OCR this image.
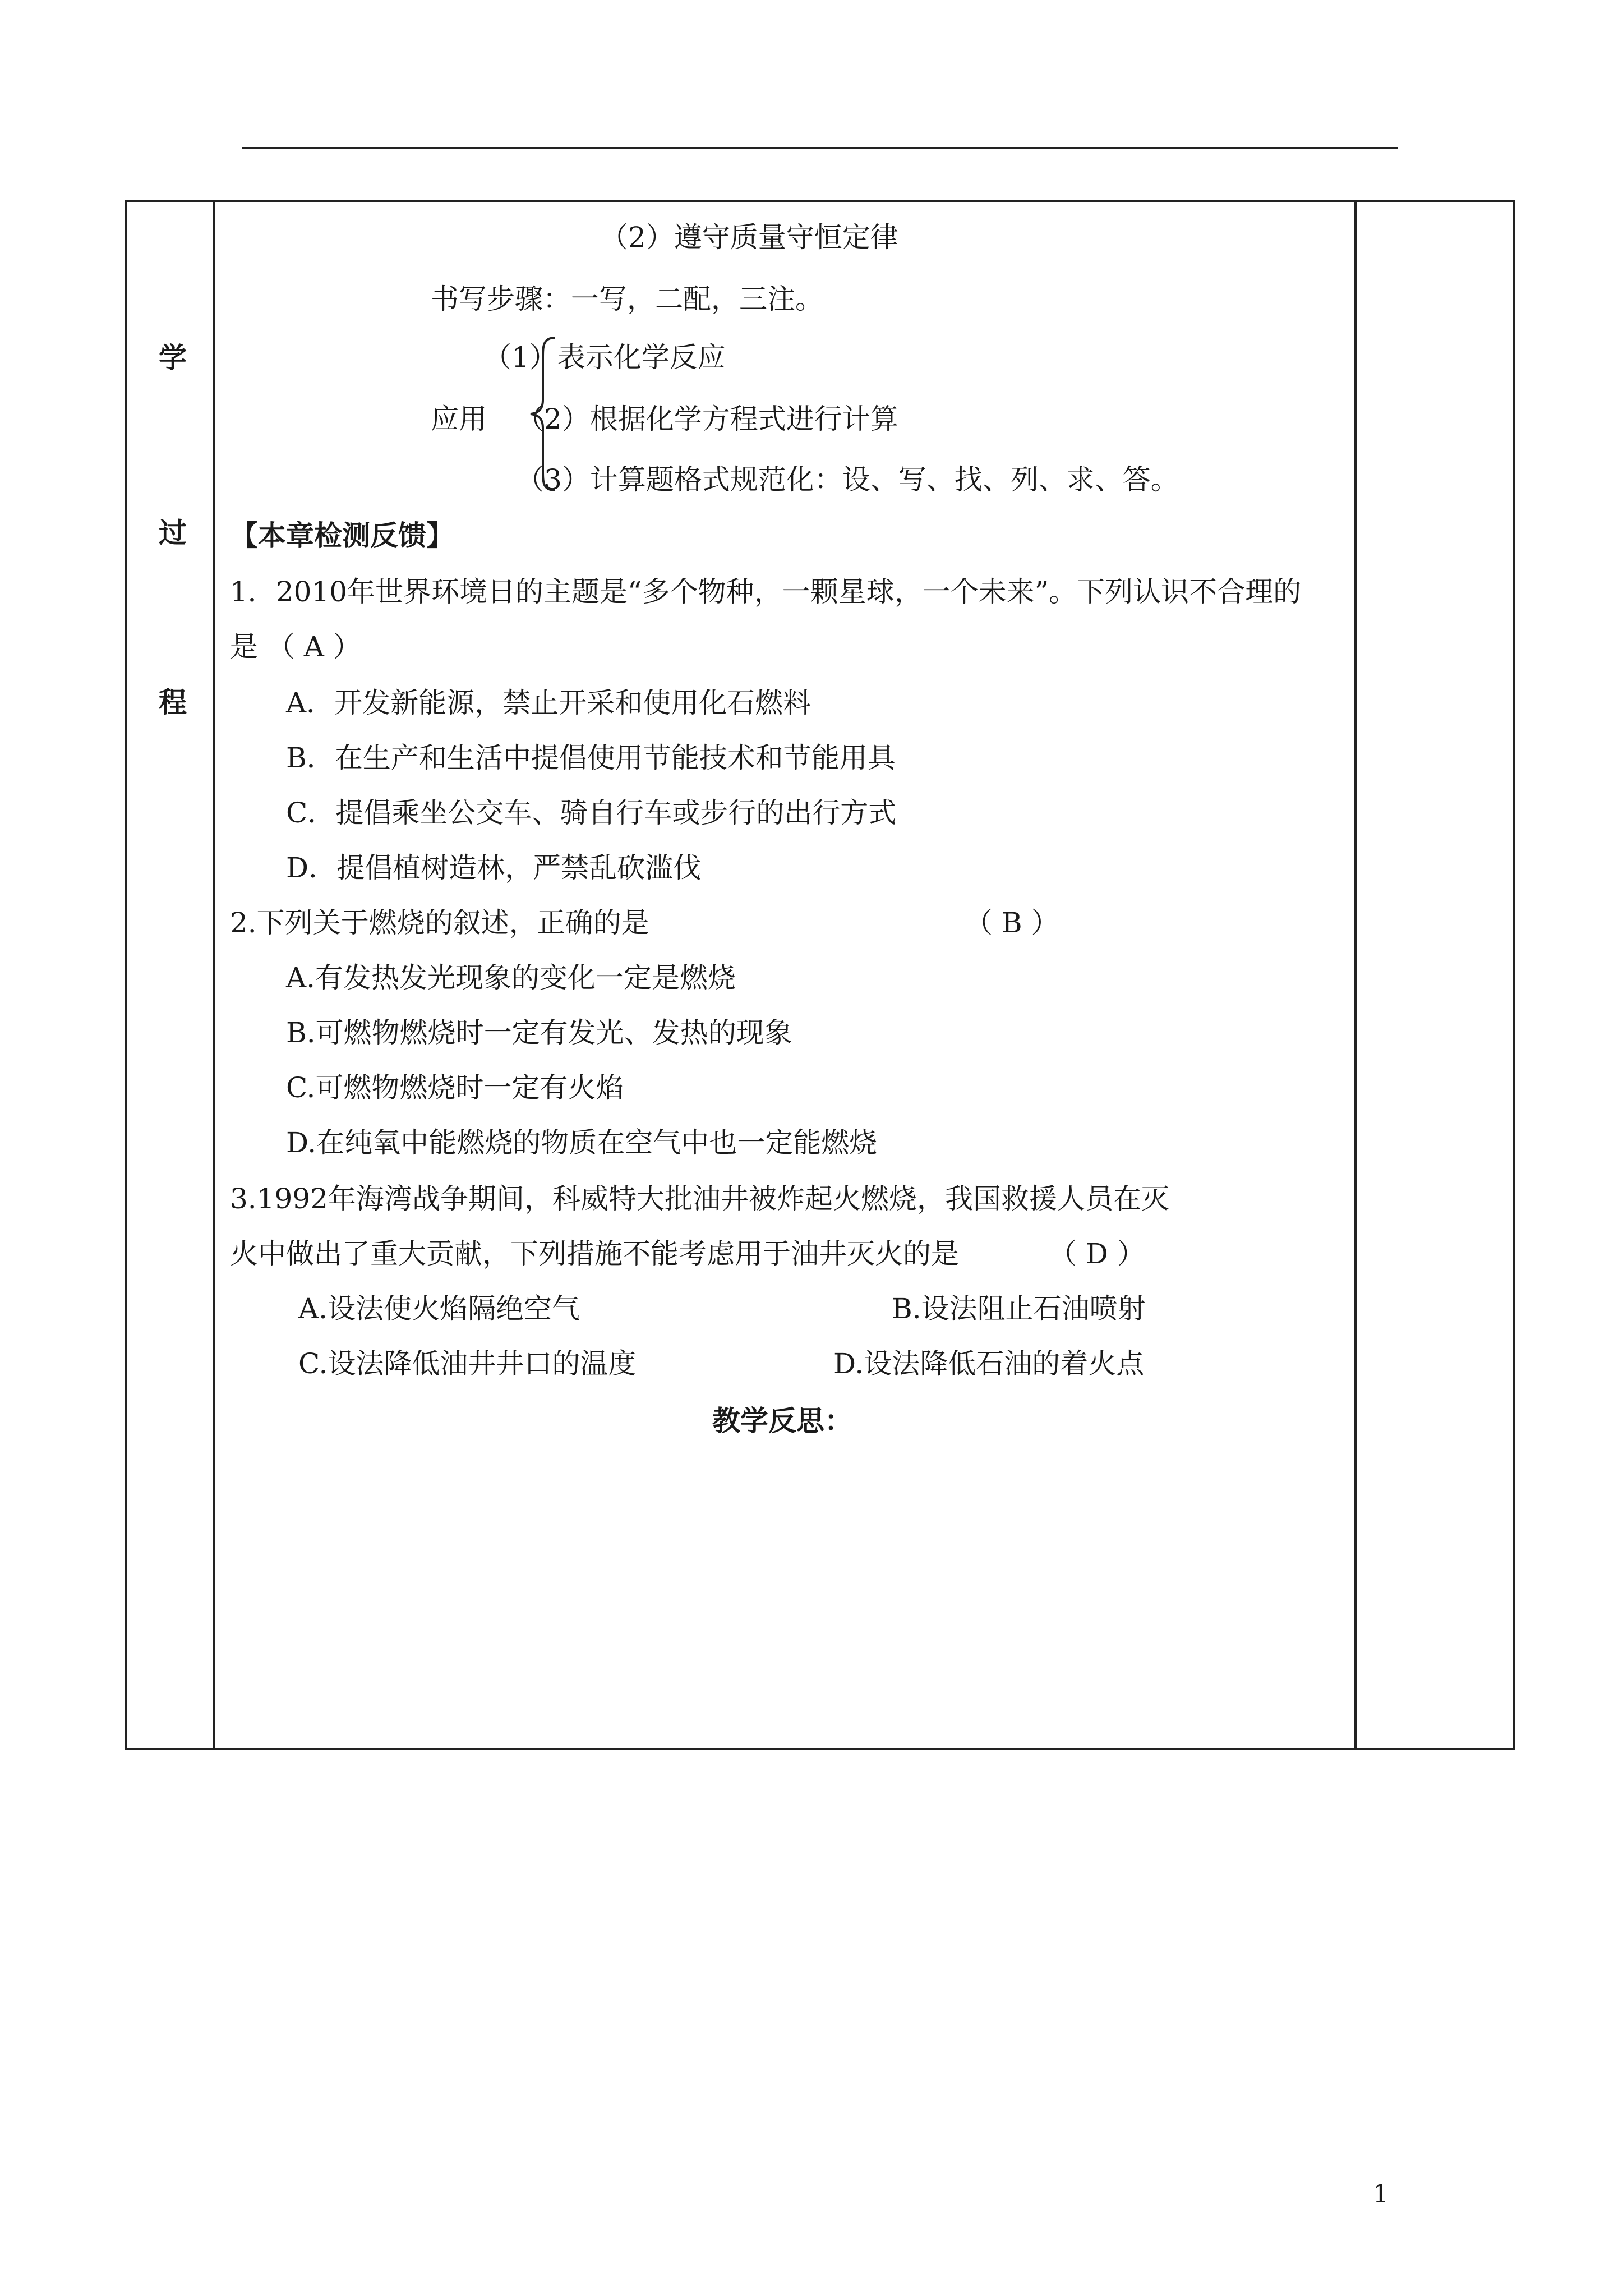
学
过
程
（2）遵守质量守恒定律
书写步骤：一写，二配，三注。
（1）表示化学反应
应用 （2）根据化学方程式进行计算
（3）计算题格式规范化：设、写、找、列、求、答。
【本章检测反馈】
1．2010年世界环境日的主题是“多个物种，一颗星球，一个未来”。下列认识不合理的
是 （ A ）
A．开发新能源，禁止开采和使用化石燃料
B．在生产和生活中提倡使用节能技术和节能用具
C．提倡乘坐公交车、骑自行车或步行的出行方式
D．提倡植树造林，严禁乱砍滥伐
2.下列关于燃烧的叙述，正确的是	（ B ）
A.有发热发光现象的变化一定是燃烧
B.可燃物燃烧时一定有发光、发热的现象
C.可燃物燃烧时一定有火焰
D.在纯氧中能燃烧的物质在空气中也一定能燃烧
3.1992年海湾战争期间，科威特大批油井被炸起火燃烧，我国救援人员在灭
火中做出了重大贡献，下列措施不能考虑用于油井灭火的是	（ D ）
A.设法使火焰隔绝空气	B.设法阻止石油喷射
C.设法降低油井井口的温度	D.设法降低石油的着火点
教学反思：
1
